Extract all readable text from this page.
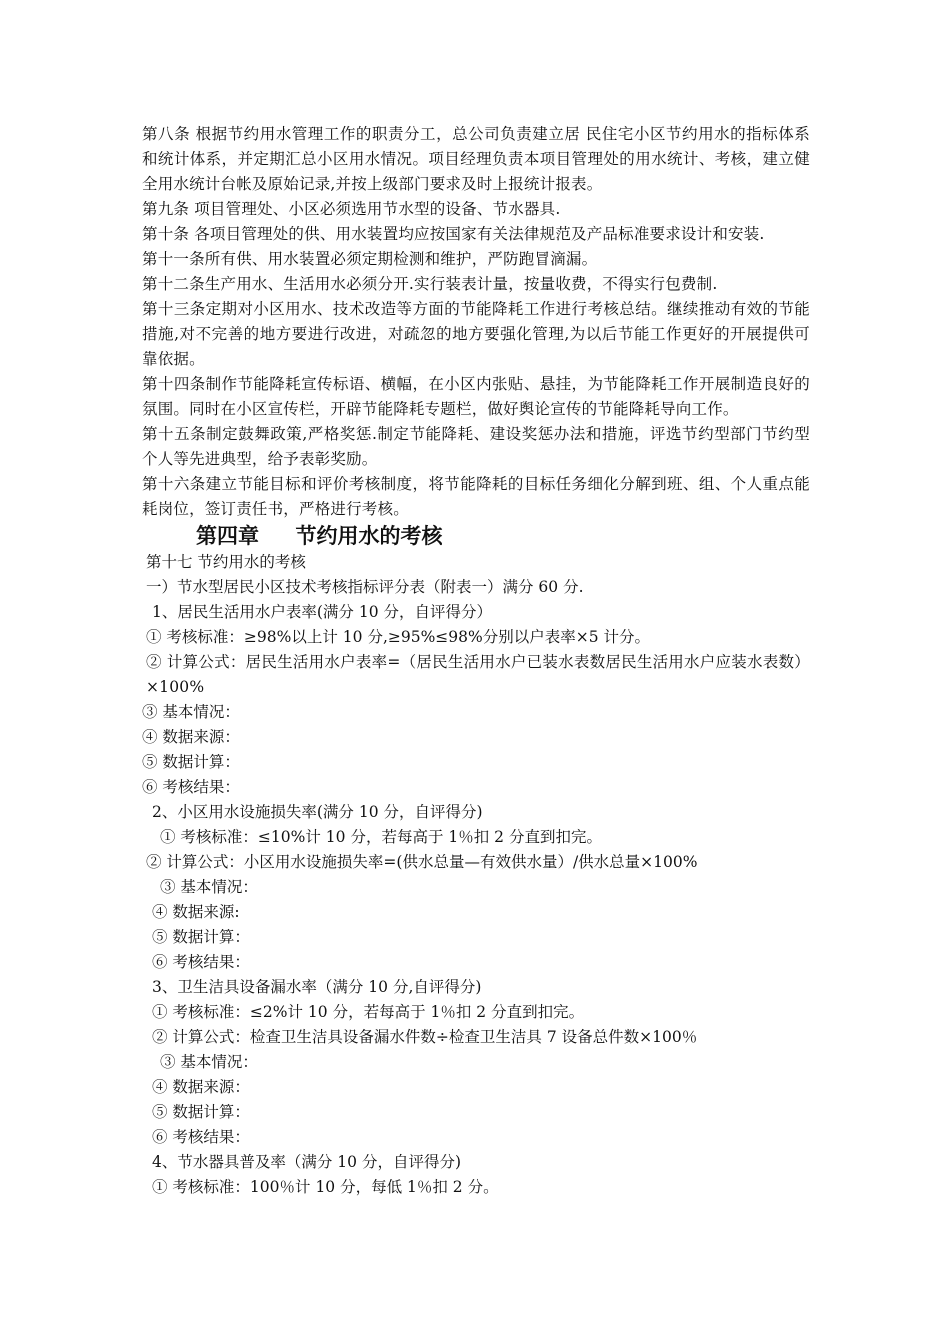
第八条 根据节约用水管理工作的职责分工，总公司负责建立居 民住宅小区节约用水的指标体系和统计体系，并定期汇总小区用水情况。项目经理负责本项目管理处的用水统计、考核，建立健全用水统计台帐及原始记录,并按上级部门要求及时上报统计报表。

第九条 项目管理处、小区必须选用节水型的设备、节水器具.

第十条 各项目管理处的供、用水装置均应按国家有关法律规范及产品标准要求设计和安装.

第十一条所有供、用水装置必须定期检测和维护，严防跑冒滴漏。

第十二条生产用水、生活用水必须分开.实行装表计量，按量收费，不得实行包费制.

第十三条定期对小区用水、技术改造等方面的节能降耗工作进行考核总结。继续推动有效的节能措施,对不完善的地方要进行改进，对疏忽的地方要强化管理,为以后节能工作更好的开展提供可靠依据。

第十四条制作节能降耗宣传标语、横幅，在小区内张贴、悬挂，为节能降耗工作开展制造良好的氛围。同时在小区宣传栏，开辟节能降耗专题栏，做好舆论宣传的节能降耗导向工作。

第十五条制定鼓舞政策,严格奖惩.制定节能降耗、建设奖惩办法和措施，评选节约型部门节约型个人等先进典型，给予表彰奖励。

第十六条建立节能目标和评价考核制度，将节能降耗的目标任务细化分解到班、组、个人重点能耗岗位，签订责任书，严格进行考核。

第四章     节约用水的考核

第十七 节约用水的考核

一）节水型居民小区技术考核指标评分表（附表一）满分 60 分.

1、居民生活用水户表率(满分 10 分，自评得分）

① 考核标准：≥98%以上计 10 分,≥95%≤98%分别以户表率×5 计分。

② 计算公式：居民生活用水户表率=（居民生活用水户已装水表数居民生活用水户应装水表数）×100%

③ 基本情况：

④ 数据来源：

⑤ 数据计算：

⑥ 考核结果：

2、小区用水设施损失率(满分 10 分，自评得分)

① 考核标准：≤10%计 10 分，若每高于 1％扣 2 分直到扣完。

② 计算公式：小区用水设施损失率=(供水总量—有效供水量）/供水总量×100%

③ 基本情况：

④ 数据来源:

⑤ 数据计算：

⑥ 考核结果：

3、卫生洁具设备漏水率（满分 10 分,自评得分)

① 考核标准：≤2%计 10 分，若每高于 1％扣 2 分直到扣完。

② 计算公式：检查卫生洁具设备漏水件数÷检查卫生洁具 7 设备总件数×100％

③ 基本情况：

④ 数据来源：

⑤ 数据计算：

⑥ 考核结果：

4、节水器具普及率（满分 10 分，自评得分)

① 考核标准：100％计 10 分，每低 1％扣 2 分。
